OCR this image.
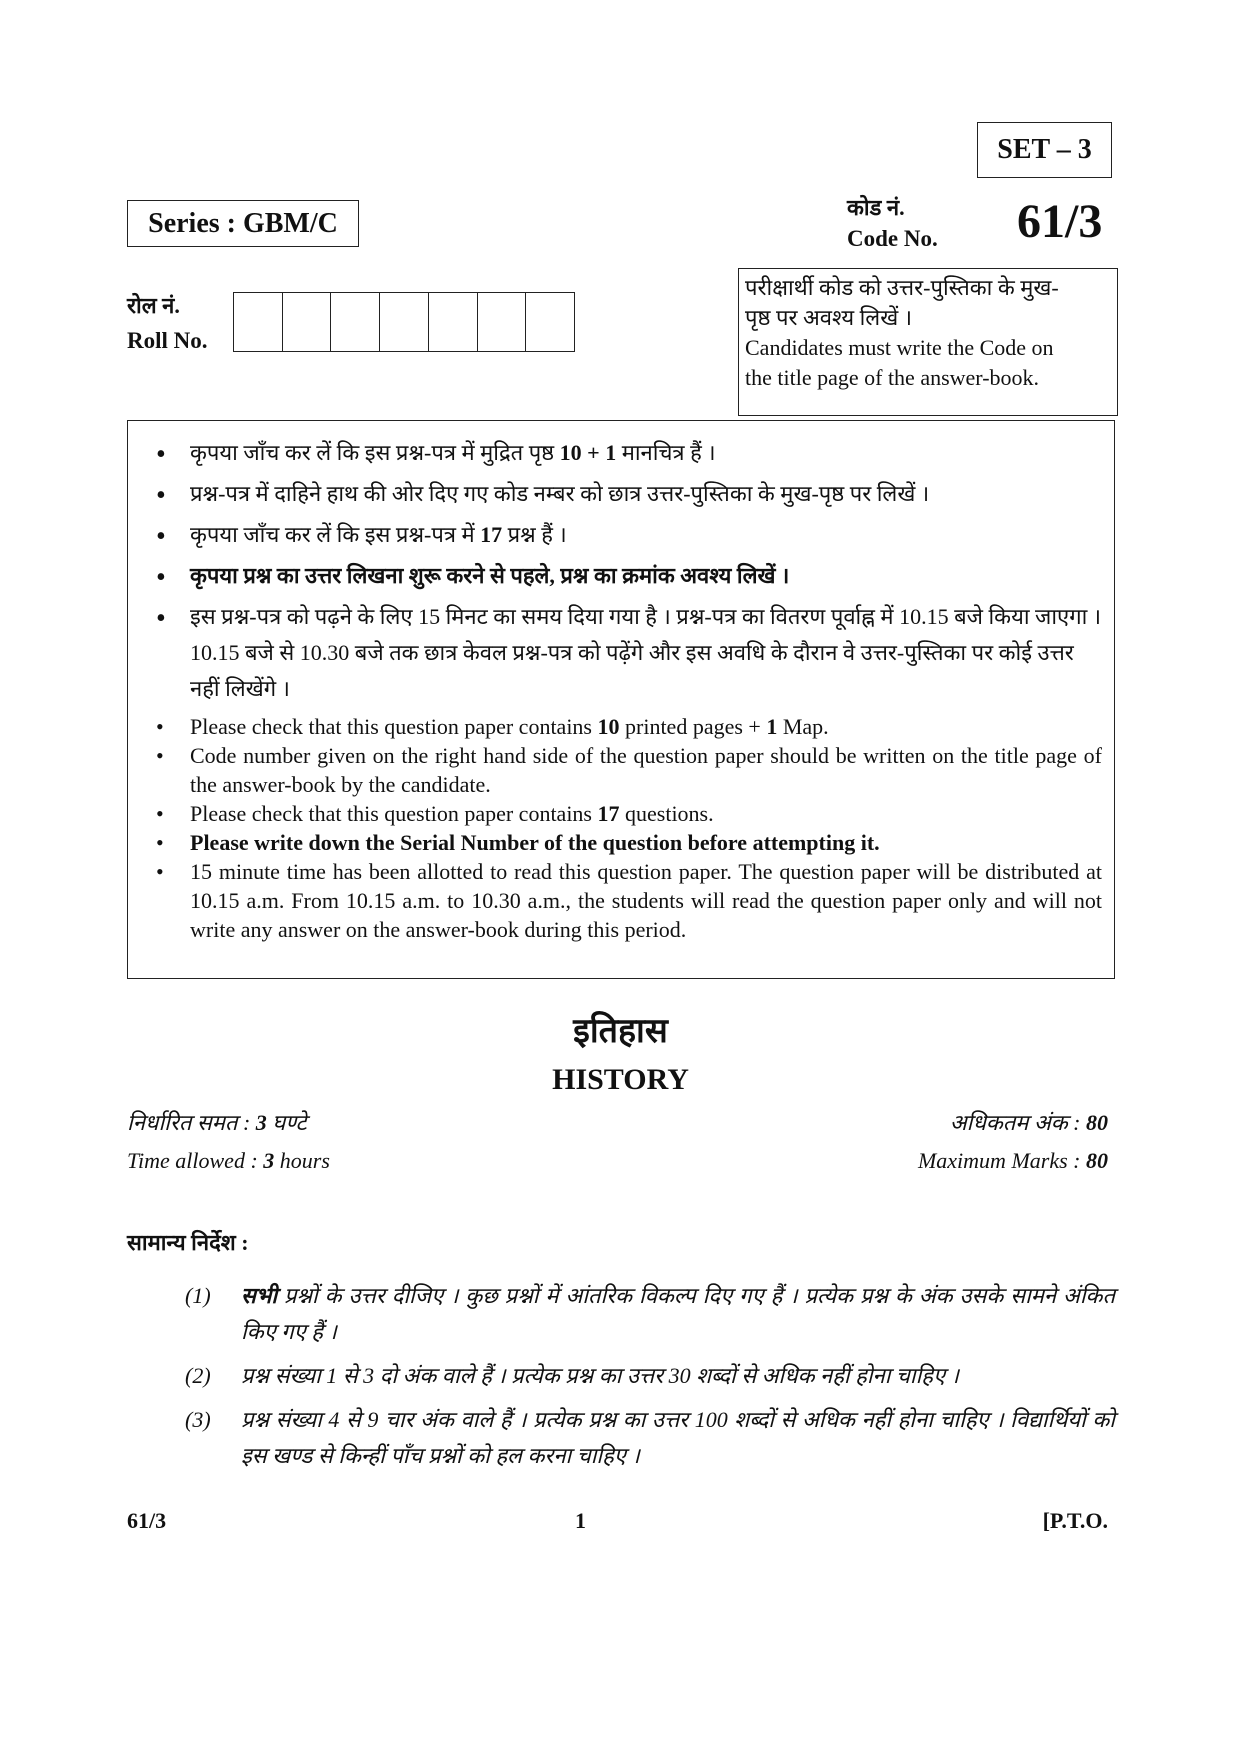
SET – 3
Series : GBM/C	कोड नं.
Code No. 61/3
रोल नं.
Roll No.
परीक्षार्थी कोड को उत्तर-पुस्तिका के मुख-
पृष्ठ पर अवश्य लिखें ।
Candidates must write the Code on
the title page of the answer-book.
• कृपया जाँच कर लें कि इस प्रश्न-पत्र में मुद्रित पृष्ठ 10 + 1 मानचित्र हैं ।
• प्रश्न-पत्र में दाहिने हाथ की ओर दिए गए कोड नम्बर को छात्र उत्तर-पुस्तिका के मुख-पृष्ठ पर लिखें ।
• कृपया जाँच कर लें कि इस प्रश्न-पत्र में 17 प्रश्न हैं ।
• कृपया प्रश्न का उत्तर लिखना शुरू करने से पहले, प्रश्न का क्रमांक अवश्य लिखें ।
• इस प्रश्न-पत्र को पढ़ने के लिए 15 मिनट का समय दिया गया है । प्रश्न-पत्र का वितरण पूर्वाह्न में 10.15 बजे किया जाएगा । 10.15 बजे से 10.30 बजे तक छात्र केवल प्रश्न-पत्र को पढ़ेंगे और इस अवधि के दौरान वे उत्तर-पुस्तिका पर कोई उत्तर नहीं लिखेंगे ।
• Please check that this question paper contains 10 printed pages + 1 Map.
• Code number given on the right hand side of the question paper should be written on the title page of the answer-book by the candidate.
• Please check that this question paper contains 17 questions.
• Please write down the Serial Number of the question before attempting it.
• 15 minute time has been allotted to read this question paper. The question paper will be distributed at 10.15 a.m. From 10.15 a.m. to 10.30 a.m., the students will read the question paper only and will not write any answer on the answer-book during this period.
इतिहास
HISTORY
निर्धारित समत : 3 घण्टे
Time allowed : 3 hours
अधिकतम अंक : 80
Maximum Marks : 80
सामान्य निर्देश :
(1)	सभी प्रश्नों के उत्तर दीजिए । कुछ प्रश्नों में आंतरिक विकल्प दिए गए हैं । प्रत्येक प्रश्न के अंक उसके सामने अंकित किए गए हैं ।
(2)	प्रश्न संख्या 1 से 3 दो अंक वाले हैं । प्रत्येक प्रश्न का उत्तर 30 शब्दों से अधिक नहीं होना चाहिए ।
(3)	प्रश्न संख्या 4 से 9 चार अंक वाले हैं । प्रत्येक प्रश्न का उत्तर 100 शब्दों से अधिक नहीं होना चाहिए । विद्यार्थियों को इस खण्ड से किन्हीं पाँच प्रश्नों को हल करना चाहिए ।
61/3	1	[P.T.O.
